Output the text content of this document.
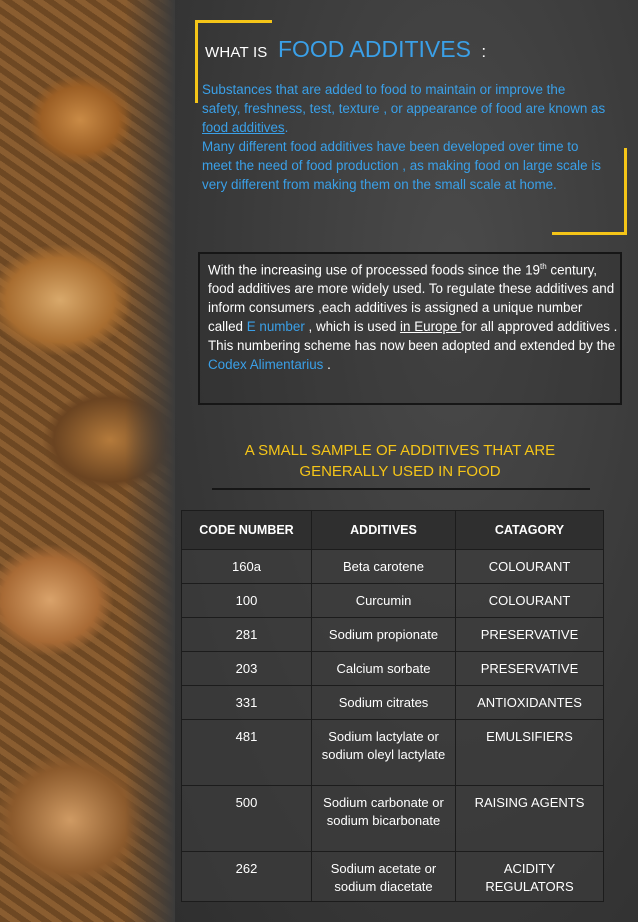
WHAT IS FOOD ADDITIVES :
Substances that are added to food to maintain or improve the safety, freshness, test, texture , or appearance of food are known as food additives.
Many different food additives have been developed over time to meet the need of food production , as making food on large scale is very different from making them on the small scale at home.
With the increasing use of processed foods since the 19th century, food additives are more widely used. To regulate these additives and inform consumers ,each additives is assigned a unique number called E number , which is used in Europe for all approved additives . This numbering scheme has now been adopted and extended by the Codex Alimentarius .
A SMALL SAMPLE OF ADDITIVES THAT ARE
GENERALLY USED IN FOOD
CODE NUMBER	ADDITIVES	CATAGORY
160a	Beta carotene	COLOURANT
100	Curcumin	COLOURANT
281	Sodium propionate	PRESERVATIVE
203	Calcium sorbate	PRESERVATIVE
331	Sodium citrates	ANTIOXIDANTES
481	Sodium lactylate or sodium oleyl lactylate	EMULSIFIERS
500	Sodium carbonate or sodium bicarbonate	RAISING AGENTS
262	Sodium acetate or sodium diacetate	ACIDITY REGULATORS
